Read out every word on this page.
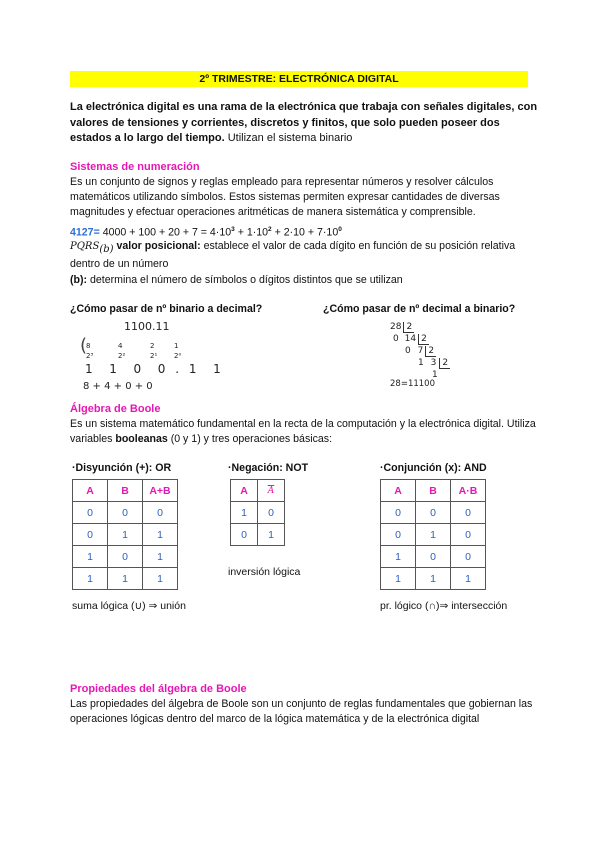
2º TRIMESTRE: ELECTRÓNICA DIGITAL
La electrónica digital es una rama de la electrónica que trabaja con señales digitales, con valores de tensiones y corrientes, discretos y finitos, que solo pueden poseer dos estados a lo largo del tiempo. Utilizan el sistema binario
Sistemas de numeración
Es un conjunto de signos y reglas empleado para representar números y resolver cálculos matemáticos utilizando símbolos. Estos sistemas permiten expresar cantidades de diversas magnitudes y efectuar operaciones aritméticas de manera sistemática y comprensible.
$4127= 4000 + 100 + 20 + 7 = 4\cdot 10^3 + 1\cdot 10^2 + 2\cdot 10 + 7\cdot 10^0$
PQRS(b) valor posicional: establece el valor de cada dígito en función de su posición relativa dentro de un número
(b): determina el número de símbolos o dígitos distintos que se utilizan
¿Cómo pasar de nº binario a decimal?	¿Cómo pasar de nº decimal a binario?
1100.11
(
8	4	2	1
2³	2²	2¹ 2⁰
1  1  0  0 . 1  1
8 + 4 + 0 + 0
28 2
0 14 2
0 7 2
1 3 2
1
28=11100
Álgebra de Boole
Es un sistema matemático fundamental en la recta de la computación y la electrónica digital. Utiliza variables booleanas (0 y 1) y tres operaciones básicas:
·Disyunción (+): OR
A	B	A+B
0	0	0
0	1	1
1	0	1
1	1	1
suma lógica (∪) ⇒ unión
·Negación: NOT
A	$\overline{A}$
1	0
0	1
inversión lógica
·Conjunción (x): AND
A	B	A·B
0	0	0
0	1	0
1	0	0
1	1	1
pr. lógico (∩)⇒ intersección
Propiedades del álgebra de Boole
Las propiedades del álgebra de Boole son un conjunto de reglas fundamentales que gobiernan las operaciones lógicas dentro del marco de la lógica matemática y de la electrónica digital
